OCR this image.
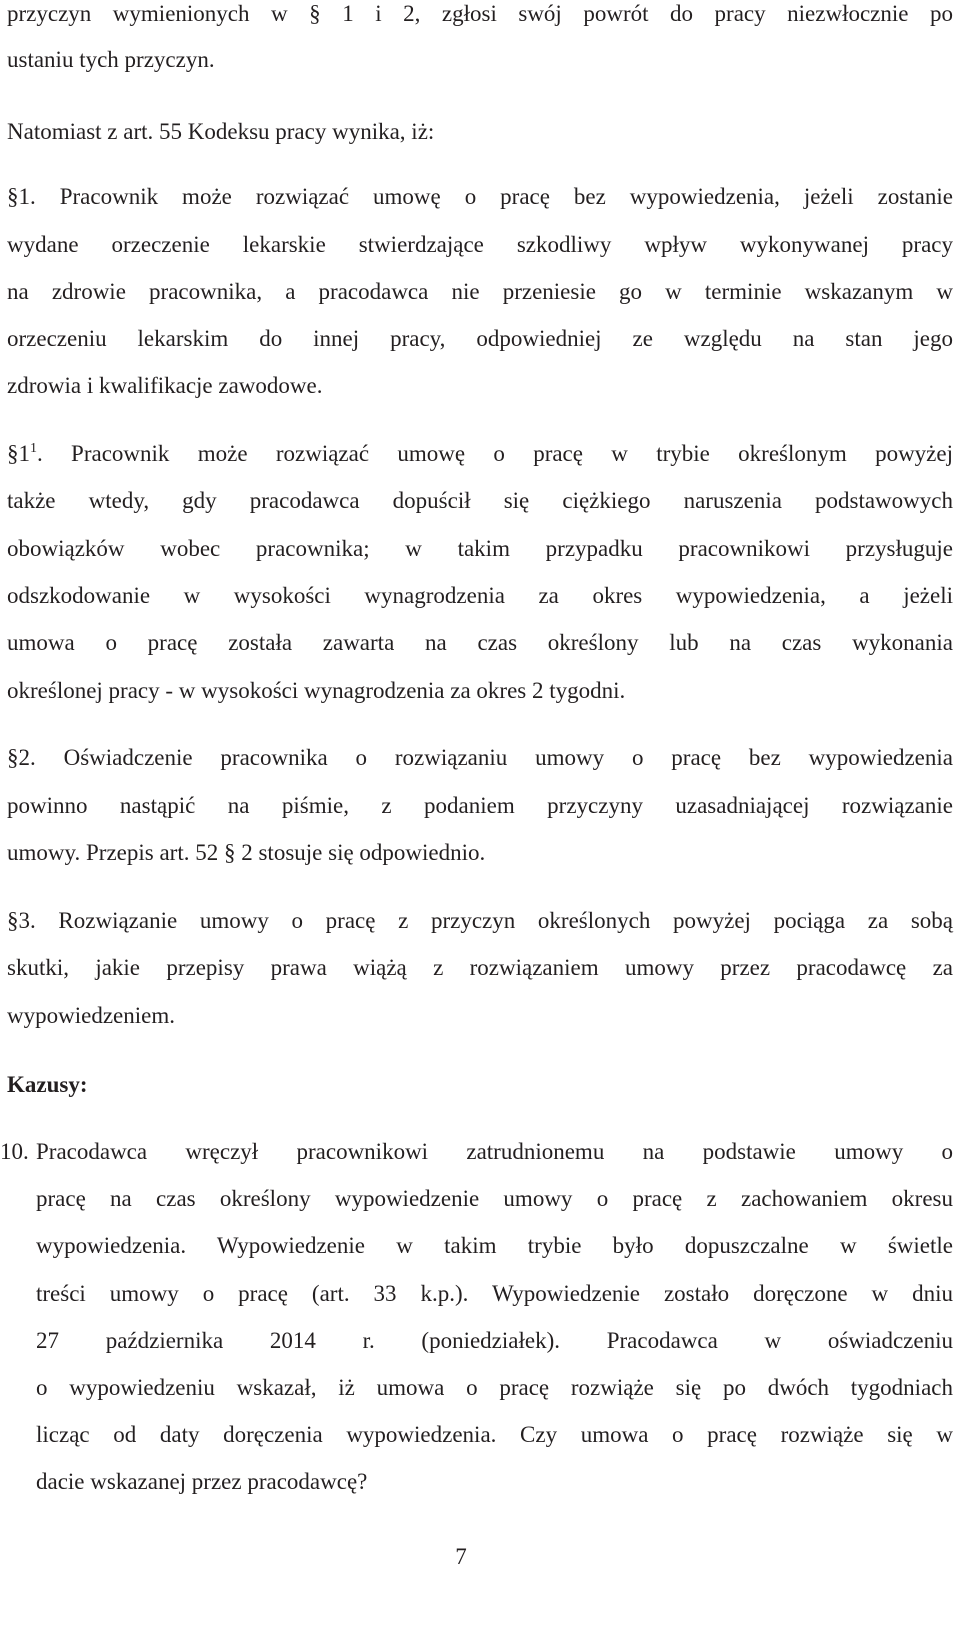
przyczyn wymienionych w § 1 i 2, zgłosi swój powrót do pracy niezwłocznie po
ustaniu tych przyczyn.
Natomiast z art. 55 Kodeksu pracy wynika, iż:
§1. Pracownik może rozwiązać umowę o pracę bez wypowiedzenia, jeżeli zostanie
wydane orzeczenie lekarskie stwierdzające szkodliwy wpływ wykonywanej pracy
na zdrowie pracownika, a pracodawca nie przeniesie go w terminie wskazanym w
orzeczeniu lekarskim do innej pracy, odpowiedniej ze względu na stan jego
zdrowia i kwalifikacje zawodowe.
$\S 1^1$. Pracownik może rozwiązać umowę o pracę w trybie określonym powyżej
także wtedy, gdy pracodawca dopuścił się ciężkiego naruszenia podstawowych
obowiązków wobec pracownika; w takim przypadku pracownikowi przysługuje
odszkodowanie w wysokości wynagrodzenia za okres wypowiedzenia, a jeżeli
umowa o pracę została zawarta na czas określony lub na czas wykonania
określonej pracy - w wysokości wynagrodzenia za okres 2 tygodni.
§2. Oświadczenie pracownika o rozwiązaniu umowy o pracę bez wypowiedzenia
powinno nastąpić na piśmie, z podaniem przyczyny uzasadniającej rozwiązanie
umowy. Przepis art. 52 § 2 stosuje się odpowiednio.
§3. Rozwiązanie umowy o pracę z przyczyn określonych powyżej pociąga za sobą
skutki, jakie przepisy prawa wiążą z rozwiązaniem umowy przez pracodawcę za
wypowiedzeniem.
Kazusy:
10. Pracodawca wręczył pracownikowi zatrudnionemu na podstawie umowy o
pracę na czas określony wypowiedzenie umowy o pracę z zachowaniem okresu
wypowiedzenia. Wypowiedzenie w takim trybie było dopuszczalne w świetle
treści umowy o pracę (art. 33 k.p.). Wypowiedzenie zostało doręczone w dniu
27 października 2014 r. (poniedziałek). Pracodawca w oświadczeniu
o wypowiedzeniu wskazał, iż umowa o pracę rozwiąże się po dwóch tygodniach
licząc od daty doręczenia wypowiedzenia. Czy umowa o pracę rozwiąże się w
dacie wskazanej przez pracodawcę?
7
